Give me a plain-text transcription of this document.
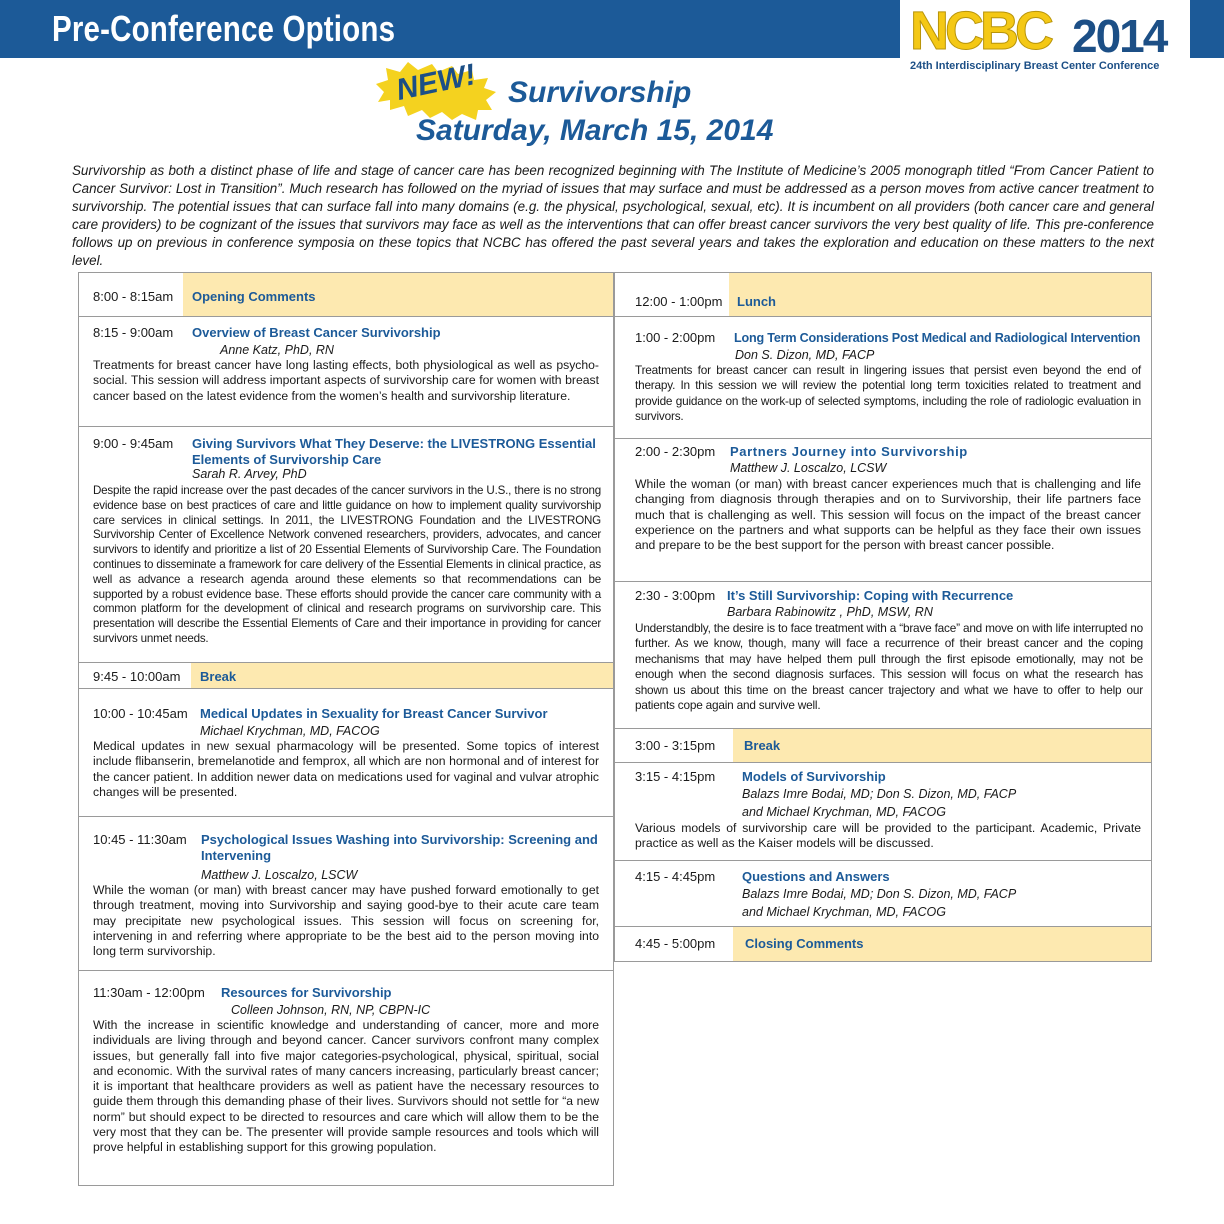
Pre-Conference Options	NCBC 2014
24th Interdisciplinary Breast Center Conference
NEW! Survivorship
Saturday, March 15, 2014
Survivorship as both a distinct phase of life and stage of cancer care has been recognized beginning with The Institute of Medicine’s 2005 monograph titled “From Cancer Patient to Cancer Survivor: Lost in Transition”. Much research has followed on the myriad of issues that may surface and must be addressed as a person moves from active cancer treatment to survivorship. The potential issues that can surface fall into many domains (e.g. the physical, psychological, sexual, etc). It is incumbent on all providers (both cancer care and general care providers) to be cognizant of the issues that survivors may face as well as the interventions that can offer breast cancer survivors the very best quality of life. This pre-conference follows up on previous in conference symposia on these topics that NCBC has offered the past several years and takes the exploration and education on these matters to the next level.
8:00 - 8:15am Opening Comments
8:15 - 9:00am Overview of Breast Cancer Survivorship
Anne Katz, PhD, RN
Treatments for breast cancer have long lasting effects, both physiological as well as psycho-social. This session will address important aspects of survivorship care for women with breast cancer based on the latest evidence from the women’s health and survivorship literature.
9:00 - 9:45am Giving Survivors What They Deserve: the LIVESTRONG Essential Elements of Survivorship Care
Sarah R. Arvey, PhD
Despite the rapid increase over the past decades of the cancer survivors in the U.S., there is no strong evidence base on best practices of care and little guidance on how to implement quality survivorship care services in clinical settings. In 2011, the LIVESTRONG Foundation and the LIVESTRONG Survivorship Center of Excellence Network convened researchers, providers, advocates, and cancer survivors to identify and prioritize a list of 20 Essential Elements of Survivorship Care. The Foundation continues to disseminate a framework for care delivery of the Essential Elements in clinical practice, as well as advance a research agenda around these elements so that recommendations can be supported by a robust evidence base. These efforts should provide the cancer care community with a common platform for the development of clinical and research programs on survivorship care. This presentation will describe the Essential Elements of Care and their importance in providing for cancer survivors unmet needs.
9:45 - 10:00am Break
10:00 - 10:45am Medical Updates in Sexuality for Breast Cancer Survivor
Michael Krychman, MD, FACOG
Medical updates in new sexual pharmacology will be presented. Some topics of interest include flibanserin, bremelanotide and femprox, all which are non hormonal and of interest for the cancer patient. In addition newer data on medications used for vaginal and vulvar atrophic changes will be presented.
10:45 - 11:30am Psychological Issues Washing into Survivorship: Screening and Intervening
Matthew J. Loscalzo, LSCW
While the woman (or man) with breast cancer may have pushed forward emotionally to get through treatment, moving into Survivorship and saying good-bye to their acute care team may precipitate new psychological issues. This session will focus on screening for, intervening in and referring where appropriate to be the best aid to the person moving into long term survivorship.
11:30am - 12:00pm Resources for Survivorship
Colleen Johnson, RN, NP, CBPN-IC
With the increase in scientific knowledge and understanding of cancer, more and more individuals are living through and beyond cancer. Cancer survivors confront many complex issues, but generally fall into five major categories-psychological, physical, spiritual, social and economic. With the survival rates of many cancers increasing, particularly breast cancer; it is important that healthcare providers as well as patient have the necessary resources to guide them through this demanding phase of their lives. Survivors should not settle for “a new norm” but should expect to be directed to resources and care which will allow them to be the very most that they can be. The presenter will provide sample resources and tools which will prove helpful in establishing support for this growing population.
12:00 - 1:00pm Lunch
1:00 - 2:00pm Long Term Considerations Post Medical and Radiological Intervention
Don S. Dizon, MD, FACP
Treatments for breast cancer can result in lingering issues that persist even beyond the end of therapy. In this session we will review the potential long term toxicities related to treatment and provide guidance on the work-up of selected symptoms, including the role of radiologic evaluation in survivors.
2:00 - 2:30pm Partners Journey into Survivorship
Matthew J. Loscalzo, LCSW
While the woman (or man) with breast cancer experiences much that is challenging and life changing from diagnosis through therapies and on to Survivorship, their life partners face much that is challenging as well. This session will focus on the impact of the breast cancer experience on the partners and what supports can be helpful as they face their own issues and prepare to be the best support for the person with breast cancer possible.
2:30 - 3:00pm It’s Still Survivorship: Coping with Recurrence
Barbara Rabinowitz , PhD, MSW, RN
Understandbly, the desire is to face treatment with a “brave face” and move on with life interrupted no further. As we know, though, many will face a recurrence of their breast cancer and the coping mechanisms that may have helped them pull through the first episode emotionally, may not be enough when the second diagnosis surfaces. This session will focus on what the research has shown us about this time on the breast cancer trajectory and what we have to offer to help our patients cope again and survive well.
3:00 - 3:15pm Break
3:15 - 4:15pm Models of Survivorship
Balazs Imre Bodai, MD; Don S. Dizon, MD, FACP
and Michael Krychman, MD, FACOG
Various models of survivorship care will be provided to the participant. Academic, Private practice as well as the Kaiser models will be discussed.
4:15 - 4:45pm Questions and Answers
Balazs Imre Bodai, MD; Don S. Dizon, MD, FACP
and Michael Krychman, MD, FACOG
4:45 - 5:00pm Closing Comments
